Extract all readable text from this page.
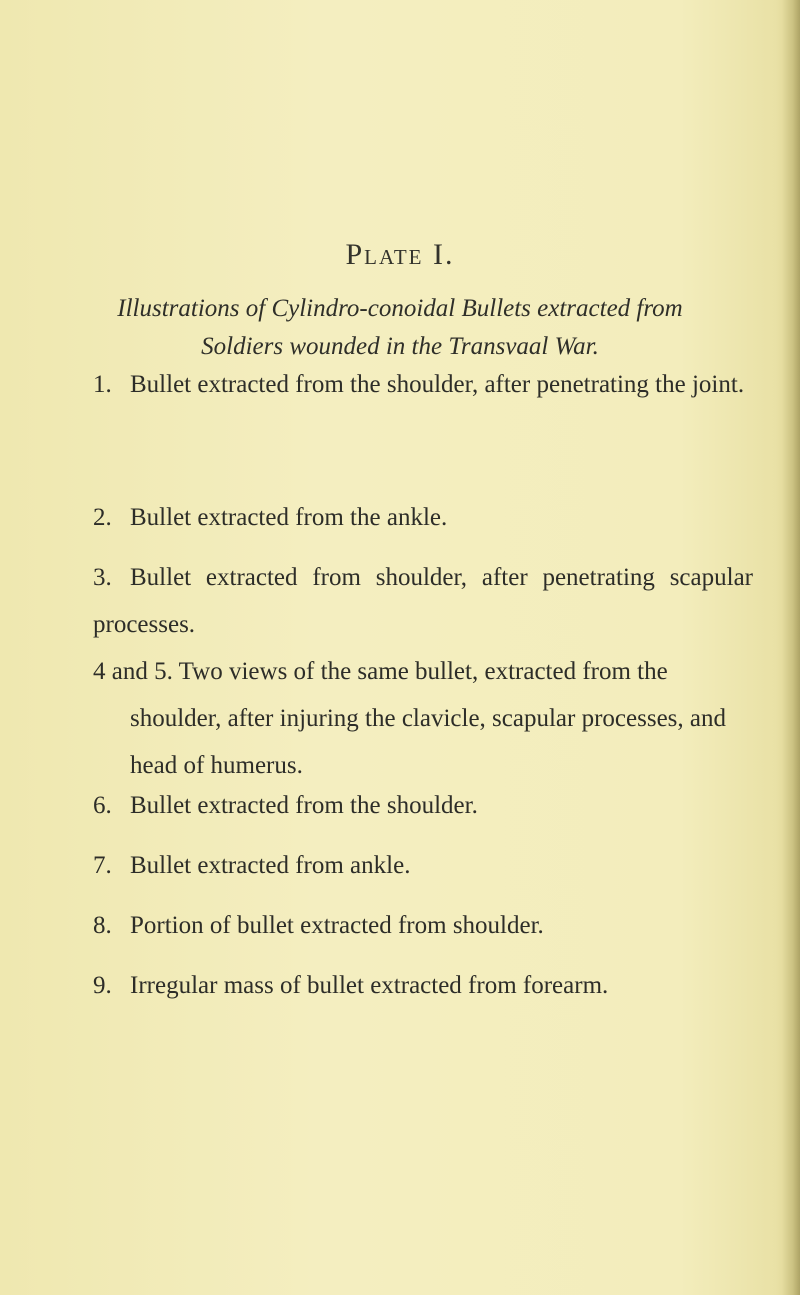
Plate I.
Illustrations of Cylindro-conoidal Bullets extracted from
Soldiers wounded in the Transvaal War.
1. Bullet extracted from the shoulder, after penetrating the joint.
2. Bullet extracted from the ankle.
3. Bullet extracted from shoulder, after penetrating scapular processes.
4 and 5. Two views of the same bullet, extracted from the shoulder, after injuring the clavicle, scapular processes, and head of humerus.
6. Bullet extracted from the shoulder.
7. Bullet extracted from ankle.
8. Portion of bullet extracted from shoulder.
9. Irregular mass of bullet extracted from forearm.
